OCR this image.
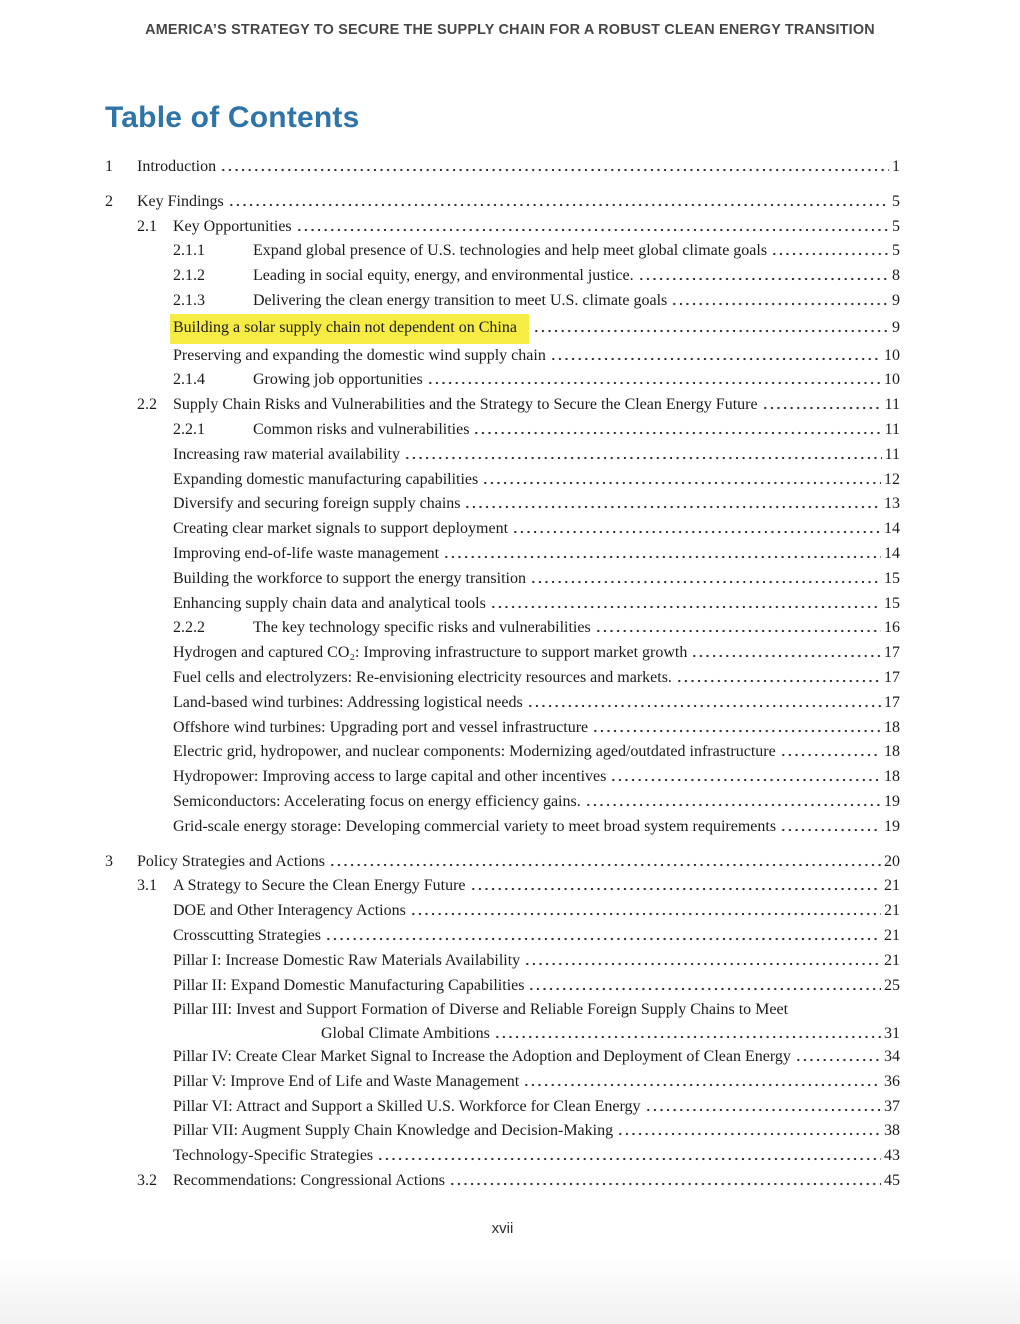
AMERICA’S STRATEGY TO SECURE THE SUPPLY CHAIN FOR A ROBUST CLEAN ENERGY TRANSITION
Table of Contents
1	Introduction	1
2	Key Findings	5
2.1	Key Opportunities	5
2.1.1	Expand global presence of U.S. technologies and help meet global climate goals	5
2.1.2	Leading in social equity, energy, and environmental justice.	8
2.1.3	Delivering the clean energy transition to meet U.S. climate goals	9
Building a solar supply chain not dependent on China	9
Preserving and expanding the domestic wind supply chain	10
2.1.4	Growing job opportunities	10
2.2	Supply Chain Risks and Vulnerabilities and the Strategy to Secure the Clean Energy Future	11
2.2.1	Common risks and vulnerabilities	11
Increasing raw material availability	11
Expanding domestic manufacturing capabilities	12
Diversify and securing foreign supply chains	13
Creating clear market signals to support deployment	14
Improving end-of-life waste management	14
Building the workforce to support the energy transition	15
Enhancing supply chain data and analytical tools	15
2.2.2	The key technology specific risks and vulnerabilities	16
Hydrogen and captured CO₂: Improving infrastructure to support market growth	17
Fuel cells and electrolyzers: Re-envisioning electricity resources and markets.	17
Land-based wind turbines: Addressing logistical needs	17
Offshore wind turbines: Upgrading port and vessel infrastructure	18
Electric grid, hydropower, and nuclear components: Modernizing aged/outdated infrastructure	18
Hydropower: Improving access to large capital and other incentives	18
Semiconductors: Accelerating focus on energy efficiency gains.	19
Grid-scale energy storage: Developing commercial variety to meet broad system requirements	19
3	Policy Strategies and Actions	20
3.1	A Strategy to Secure the Clean Energy Future	21
DOE and Other Interagency Actions	21
Crosscutting Strategies	21
Pillar I: Increase Domestic Raw Materials Availability	21
Pillar II: Expand Domestic Manufacturing Capabilities	25
Pillar III: Invest and Support Formation of Diverse and Reliable Foreign Supply Chains to Meet
Global Climate Ambitions	31
Pillar IV: Create Clear Market Signal to Increase the Adoption and Deployment of Clean Energy	34
Pillar V: Improve End of Life and Waste Management	36
Pillar VI: Attract and Support a Skilled U.S. Workforce for Clean Energy	37
Pillar VII: Augment Supply Chain Knowledge and Decision-Making	38
Technology-Specific Strategies	43
3.2	Recommendations: Congressional Actions	45
xvii
